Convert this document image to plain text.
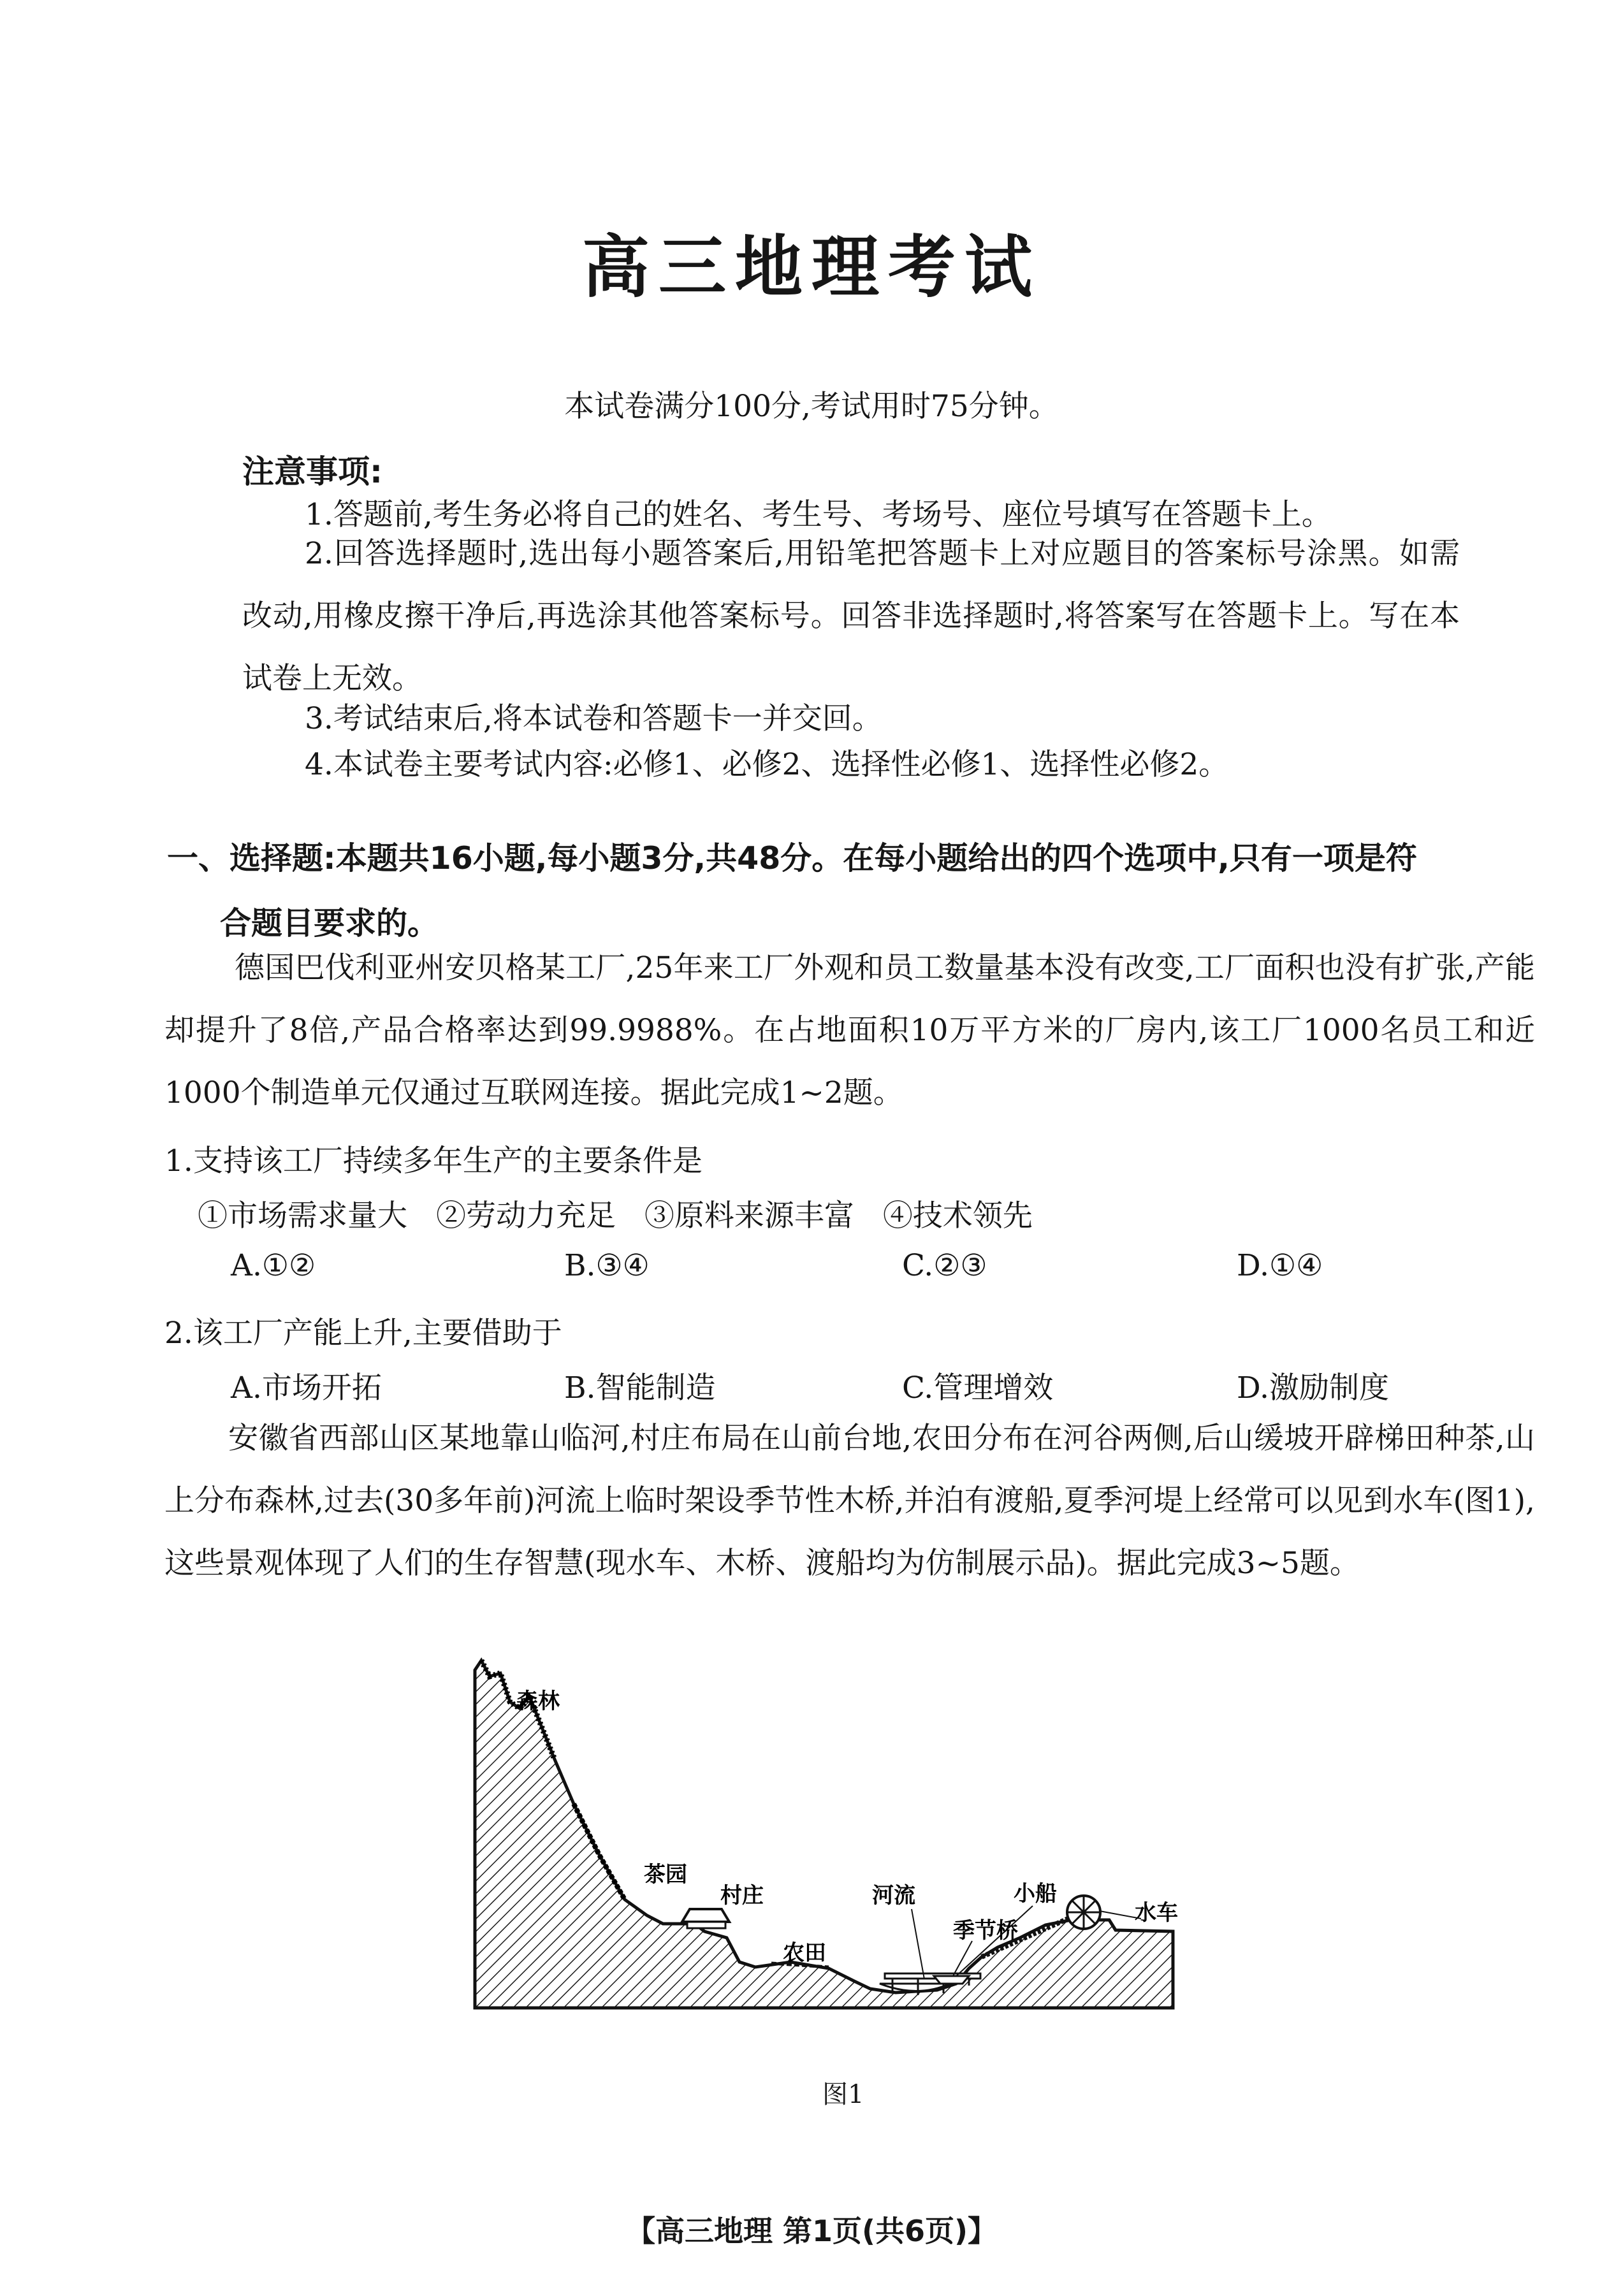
高三地理考试
本试卷满分100分,考试用时75分钟。
注意事项:
1.答题前,考生务必将自己的姓名、考生号、考场号、座位号填写在答题卡上。
2.回答选择题时,选出每小题答案后,用铅笔把答题卡上对应题目的答案标号涂黑。如需改动,用橡皮擦干净后,再选涂其他答案标号。回答非选择题时,将答案写在答题卡上。写在本试卷上无效。
3.考试结束后,将本试卷和答题卡一并交回。
4.本试卷主要考试内容:必修1、必修2、选择性必修1、选择性必修2。
一、选择题:本题共16小题,每小题3分,共48分。在每小题给出的四个选项中,只有一项是符
合题目要求的。
德国巴伐利亚州安贝格某工厂,25年来工厂外观和员工数量基本没有改变,工厂面积也没有扩张,产能却提升了8倍,产品合格率达到99.9988%。在占地面积10万平方米的厂房内,该工厂1000名员工和近1000个制造单元仅通过互联网连接。据此完成1~2题。
1.支持该工厂持续多年生产的主要条件是
①市场需求量大 ②劳动力充足 ③原料来源丰富 ④技术领先
A.①②	B.③④	C.②③	D.①④
2.该工厂产能上升,主要借助于
A.市场开拓	B.智能制造	C.管理增效	D.激励制度
安徽省西部山区某地靠山临河,村庄布局在山前台地,农田分布在河谷两侧,后山缓坡开辟梯田种茶,山上分布森林,过去(30多年前)河流上临时架设季节性木桥,并泊有渡船,夏季河堤上经常可以见到水车(图1),这些景观体现了人们的生存智慧(现水车、木桥、渡船均为仿制展示品)。据此完成3~5题。
森林
茶园
村庄
农田
河流
季节桥
小船
水车
图1
【高三地理 第1页(共6页)】
